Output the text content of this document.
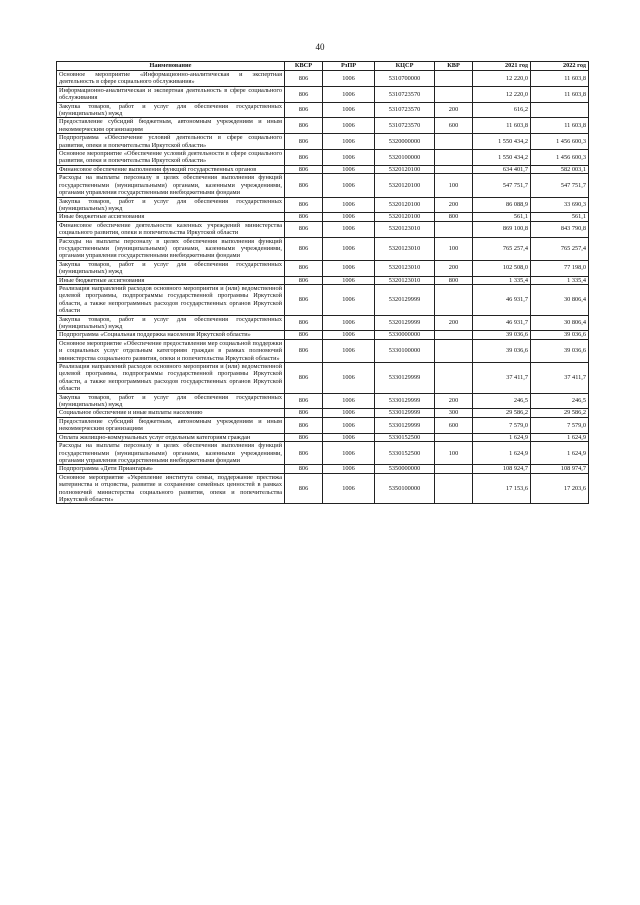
40
Наименование	КВСР	РзПР	КЦСР	КВР	2021 год	2022 год
Основное мероприятие «Информационно-аналитическая и экспертная деятельность в сфере социального обслуживания»	806	1006	5310700000		12 220,0	11 603,8
Информационно-аналитическая и экспертная деятельность в сфере социального обслуживания	806	1006	5310723570		12 220,0	11 603,8
Закупка товаров, работ и услуг для обеспечения государственных (муниципальных) нужд	806	1006	5310723570	200	616,2	
Предоставление субсидий бюджетным, автономным учреждениям и иным некоммерческим организациям	806	1006	5310723570	600	11 603,8	11 603,8
Подпрограмма «Обеспечение условий деятельности в сфере социального развития, опеки и попечительства Иркутской области»	806	1006	5320000000		1 550 434,2	1 456 600,3
Основное мероприятие «Обеспечение условий деятельности в сфере социального развития, опеки и попечительства Иркутской области»	806	1006	5320100000		1 550 434,2	1 456 600,3
Финансовое обеспечение выполнения функций государственных органов	806	1006	5320120100		634 401,7	582 003,1
Расходы на выплаты персоналу в целях обеспечения выполнения функций государственными (муниципальными) органами, казенными учреждениями, органами управления государственными внебюджетными фондами	806	1006	5320120100	100	547 751,7	547 751,7
Закупка товаров, работ и услуг для обеспечения государственных (муниципальных) нужд	806	1006	5320120100	200	86 088,9	33 690,3
Иные бюджетные ассигнования	806	1006	5320120100	800	561,1	561,1
Финансовое обеспечение деятельности казенных учреждений министерства социального развития, опеки и попечительства Иркутской области	806	1006	5320123010		869 100,8	843 790,8
Расходы на выплаты персоналу в целях обеспечения выполнения функций государственными (муниципальными) органами, казенными учреждениями, органами управления государственными внебюджетными фондами	806	1006	5320123010	100	765 257,4	765 257,4
Закупка товаров, работ и услуг для обеспечения государственных (муниципальных) нужд	806	1006	5320123010	200	102 508,0	77 198,0
Иные бюджетные ассигнования	806	1006	5320123010	800	1 335,4	1 335,4
Реализация направлений расходов основного мероприятия и (или) ведомственной целевой программы, подпрограммы государственной программы Иркутской области, а также непрограммных расходов государственных органов Иркутской области	806	1006	5320129999		46 931,7	30 806,4
Закупка товаров, работ и услуг для обеспечения государственных (муниципальных) нужд	806	1006	5320129999	200	46 931,7	30 806,4
Подпрограмма «Социальная поддержка населения Иркутской области»	806	1006	5330000000		39 036,6	39 036,6
Основное мероприятие «Обеспечение предоставления мер социальной поддержки и социальных услуг отдельным категориям граждан в рамках полномочий министерства социального развития, опеки и попечительства Иркутской области»	806	1006	5330100000		39 036,6	39 036,6
Реализация направлений расходов основного мероприятия и (или) ведомственной целевой программы, подпрограммы государственной программы Иркутской области, а также непрограммных расходов государственных органов Иркутской области	806	1006	5330129999		37 411,7	37 411,7
Закупка товаров, работ и услуг для обеспечения государственных (муниципальных) нужд	806	1006	5330129999	200	246,5	246,5
Социальное обеспечение и иные выплаты населению	806	1006	5330129999	300	29 586,2	29 586,2
Предоставление субсидий бюджетным, автономным учреждениям и иным некоммерческим организациям	806	1006	5330129999	600	7 579,0	7 579,0
Оплата жилищно-коммунальных услуг отдельным категориям граждан	806	1006	5330152500		1 624,9	1 624,9
Расходы на выплаты персоналу в целях обеспечения выполнения функций государственными (муниципальными) органами, казенными учреждениями, органами управления государственными внебюджетными фондами	806	1006	5330152500	100	1 624,9	1 624,9
Подпрограмма «Дети Приангарья»	806	1006	5350000000		108 924,7	108 974,7
Основное мероприятие «Укрепление института семьи, поддержание престижа материнства и отцовства, развитие и сохранение семейных ценностей в рамках полномочий министерства социального развития, опеки и попечительства Иркутской области»	806	1006	5350100000		17 153,6	17 203,6
